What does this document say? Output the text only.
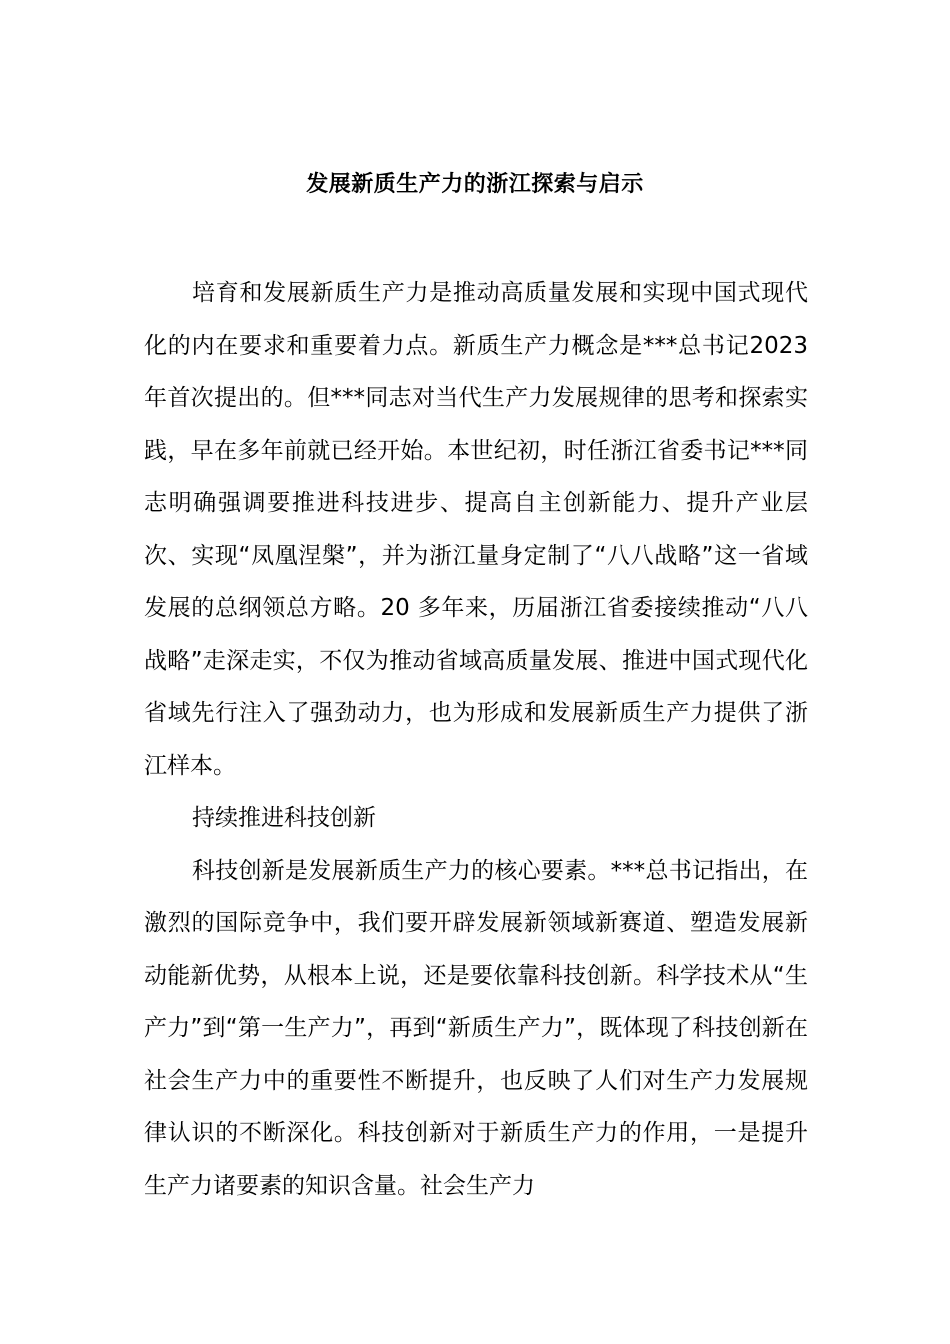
发展新质生产力的浙江探索与启示

培育和发展新质生产力是推动高质量发展和实现中国式现代化的内在要求和重要着力点。新质生产力概念是***总书记2023 年首次提出的。但***同志对当代生产力发展规律的思考和探索实践，早在多年前就已经开始。本世纪初，时任浙江省委书记***同志明确强调要推进科技进步、提高自主创新能力、提升产业层次、实现“凤凰涅槃”，并为浙江量身定制了“八八战略”这一省域发展的总纲领总方略。20 多年来，历届浙江省委接续推动“八八战略”走深走实，不仅为推动省域高质量发展、推进中国式现代化省域先行注入了强劲动力，也为形成和发展新质生产力提供了浙江样本。

持续推进科技创新

科技创新是发展新质生产力的核心要素。***总书记指出，在激烈的国际竞争中，我们要开辟发展新领域新赛道、塑造发展新动能新优势，从根本上说，还是要依靠科技创新。科学技术从“生产力”到“第一生产力”，再到“新质生产力”，既体现了科技创新在社会生产力中的重要性不断提升，也反映了人们对生产力发展规律认识的不断深化。科技创新对于新质生产力的作用，一是提升生产力诸要素的知识含量。社会生产力
